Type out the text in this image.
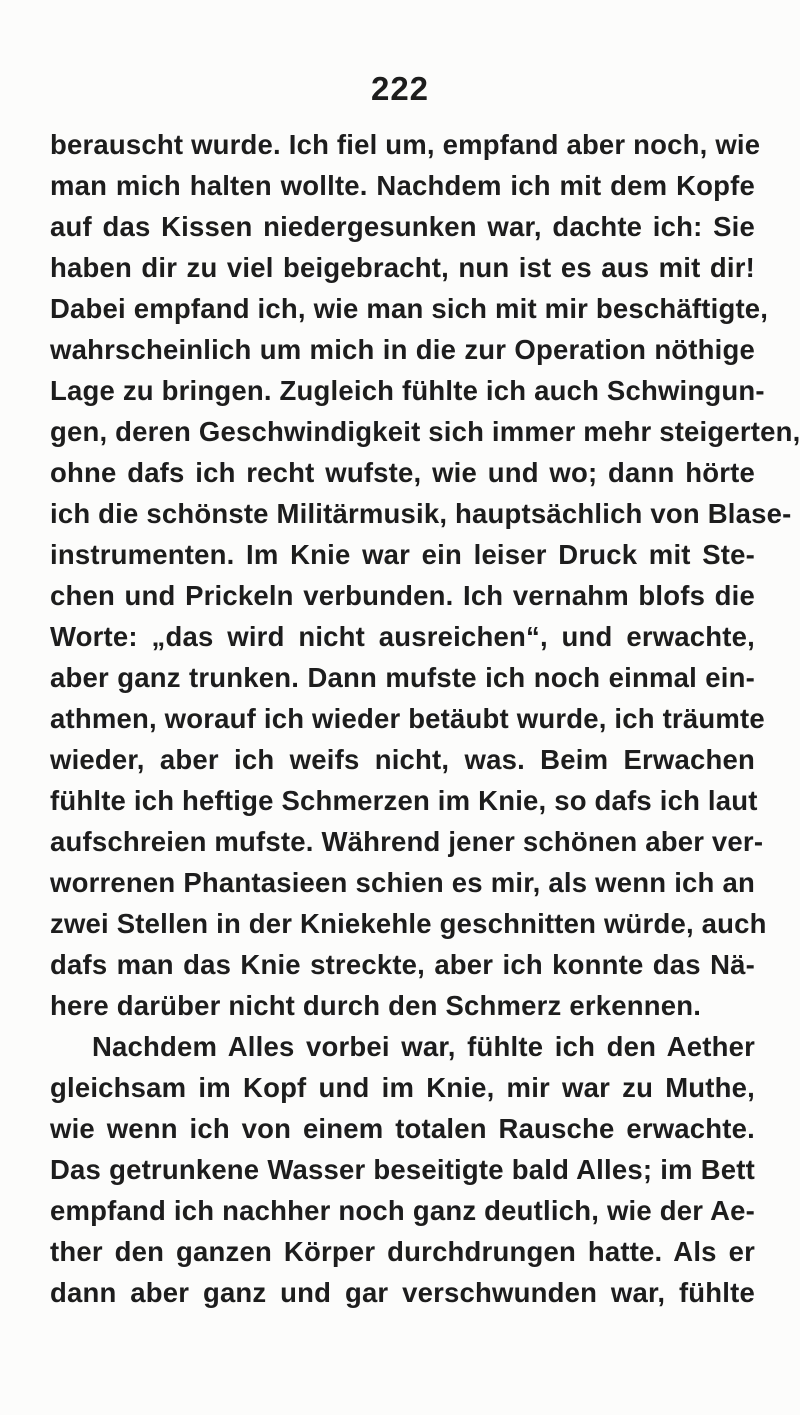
222
berauscht wurde. Ich fiel um, empfand aber noch, wie
man mich halten wollte. Nachdem ich mit dem Kopfe
auf das Kissen niedergesunken war, dachte ich: Sie
haben dir zu viel beigebracht, nun ist es aus mit dir!
Dabei empfand ich, wie man sich mit mir beschäftigte,
wahrscheinlich um mich in die zur Operation nöthige
Lage zu bringen. Zugleich fühlte ich auch Schwingun-
gen, deren Geschwindigkeit sich immer mehr steigerten,
ohne dafs ich recht wufste, wie und wo; dann hörte
ich die schönste Militärmusik, hauptsächlich von Blase-
instrumenten. Im Knie war ein leiser Druck mit Ste-
chen und Prickeln verbunden. Ich vernahm blofs die
Worte: „das wird nicht ausreichen“, und erwachte,
aber ganz trunken. Dann mufste ich noch einmal ein-
athmen, worauf ich wieder betäubt wurde, ich träumte
wieder, aber ich weifs nicht, was. Beim Erwachen
fühlte ich heftige Schmerzen im Knie, so dafs ich laut
aufschreien mufste. Während jener schönen aber ver-
worrenen Phantasieen schien es mir, als wenn ich an
zwei Stellen in der Kniekehle geschnitten würde, auch
dafs man das Knie streckte, aber ich konnte das Nä-
here darüber nicht durch den Schmerz erkennen.
Nachdem Alles vorbei war, fühlte ich den Aether
gleichsam im Kopf und im Knie, mir war zu Muthe,
wie wenn ich von einem totalen Rausche erwachte.
Das getrunkene Wasser beseitigte bald Alles; im Bett
empfand ich nachher noch ganz deutlich, wie der Ae-
ther den ganzen Körper durchdrungen hatte. Als er
dann aber ganz und gar verschwunden war, fühlte
